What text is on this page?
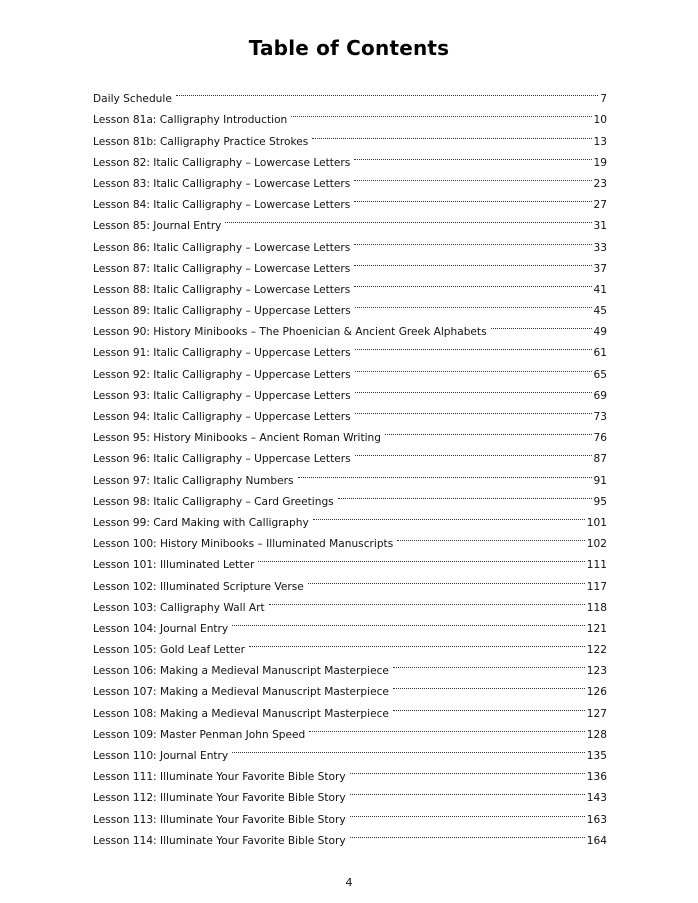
Table of Contents
Daily Schedule	7
Lesson 81a: Calligraphy Introduction	10
Lesson 81b: Calligraphy Practice Strokes	13
Lesson 82: Italic Calligraphy – Lowercase Letters	19
Lesson 83: Italic Calligraphy – Lowercase Letters	23
Lesson 84: Italic Calligraphy – Lowercase Letters	27
Lesson 85: Journal Entry	31
Lesson 86: Italic Calligraphy – Lowercase Letters	33
Lesson 87: Italic Calligraphy – Lowercase Letters	37
Lesson 88: Italic Calligraphy – Lowercase Letters	41
Lesson 89: Italic Calligraphy – Uppercase Letters	45
Lesson 90: History Minibooks – The Phoenician & Ancient Greek Alphabets	49
Lesson 91: Italic Calligraphy – Uppercase Letters	61
Lesson 92: Italic Calligraphy – Uppercase Letters	65
Lesson 93: Italic Calligraphy – Uppercase Letters	69
Lesson 94: Italic Calligraphy – Uppercase Letters	73
Lesson 95: History Minibooks – Ancient Roman Writing	76
Lesson 96: Italic Calligraphy – Uppercase Letters	87
Lesson 97: Italic Calligraphy Numbers	91
Lesson 98: Italic Calligraphy – Card Greetings	95
Lesson 99: Card Making with Calligraphy	101
Lesson 100: History Minibooks – Illuminated Manuscripts	102
Lesson 101: Illuminated Letter	111
Lesson 102: Illuminated Scripture Verse	117
Lesson 103: Calligraphy Wall Art	118
Lesson 104: Journal Entry	121
Lesson 105: Gold Leaf Letter	122
Lesson 106: Making a Medieval Manuscript Masterpiece	123
Lesson 107: Making a Medieval Manuscript Masterpiece	126
Lesson 108: Making a Medieval Manuscript Masterpiece	127
Lesson 109: Master Penman John Speed	128
Lesson 110: Journal Entry	135
Lesson 111: Illuminate Your Favorite Bible Story	136
Lesson 112: Illuminate Your Favorite Bible Story	143
Lesson 113: Illuminate Your Favorite Bible Story	163
Lesson 114: Illuminate Your Favorite Bible Story	164
4
